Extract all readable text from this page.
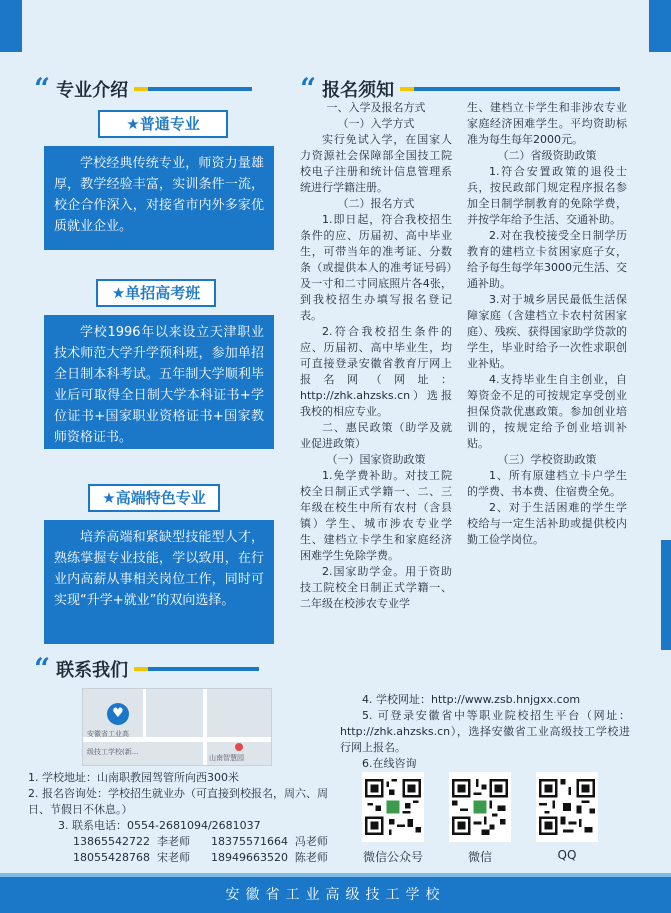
“ 专业介绍
★普通专业
学校经典传统专业，师资力量雄厚，教学经验丰富，实训条件一流，校企合作深入，对接省市内外多家优质就业企业。
★单招高考班
学校1996年以来设立天津职业技术师范大学升学预科班，参加单招全日制本科考试。五年制大学顺利毕业后可取得全日制大学本科证书+学位证书+国家职业资格证书+国家教师资格证书。
★高端特色专业
培养高端和紧缺型技能型人才，熟练掌握专业技能，学以致用，在行业内高薪从事相关岗位工作，同时可实现“升学+就业”的双向选择。
“ 报名须知

一、入学及报名方式

（一）入学方式

实行免试入学，在国家人力资源社会保障部全国技工院校电子注册和统计信息管理系统进行学籍注册。

（二）报名方式

1.即日起，符合我校招生条件的应、历届初、高中毕业生，可带当年的准考证、分数条（或提供本人的准考证号码）及一寸和二寸同底照片各4张，到我校招生办填写报名登记表。

2.符合我校招生条件的应、历届初、高中毕业生，均可直接登录安徽省教育厅网上报名网（网址：http://zhk.ahzsks.cn）选报我校的相应专业。

二、惠民政策（助学及就业促进政策）

（一）国家资助政策

1.免学费补助。对技工院校全日制正式学籍一、二、三年级在校生中所有农村（含县镇）学生、城市涉农专业学生、建档立卡学生和家庭经济困难学生免除学费。

2.国家助学金。用于资助技工院校全日制正式学籍一、二年级在校涉农专业学

生、建档立卡学生和非涉农专业家庭经济困难学生。平均资助标准为每生每年2000元。

（二）省级资助政策

1.符合安置政策的退役士兵，按民政部门规定程序报名参加全日制学制教育的免除学费，并按学年给予生活、交通补助。

2.对在我校接受全日制学历教育的建档立卡贫困家庭子女，给予每生每学年3000元生活、交通补助。

3.对于城乡居民最低生活保障家庭（含建档立卡农村贫困家庭）、残疾、获得国家助学贷款的学生，毕业时给予一次性求职创业补贴。

4.支持毕业生自主创业，自筹资金不足的可按规定享受创业担保贷款优惠政策。参加创业培训的，按规定给予创业培训补贴。

（三）学校资助政策

1、所有原建档立卡户学生的学费、书本费、住宿费全免。

2、对于生活困难的学生学校给与一定生活补助或提供校内勤工俭学岗位。

“ 联系我们
♥
安徽省工业高
级技工学校(新...
山南智慧园

1. 学校地址：山南职教园驾管所向西300米

2. 报名咨询处：学校招生就业办（可直接到校报名，周六、周日、节假日不休息。）

3. 联系电话：0554-2681094/2681037

13865542722  李老师      18375571664  冯老师

18055428768  宋老师      18949663520  陈老师

4. 学校网址：http://www.zsb.hnjgxx.com

5. 可登录安徽省中等职业院校招生平台（网址：http://zhk.ahzsks.cn），选择安徽省工业高级技工学校进行网上报名。

6.在线咨询

微信公众号	微信	QQ
安徽省工业高级技工学校
